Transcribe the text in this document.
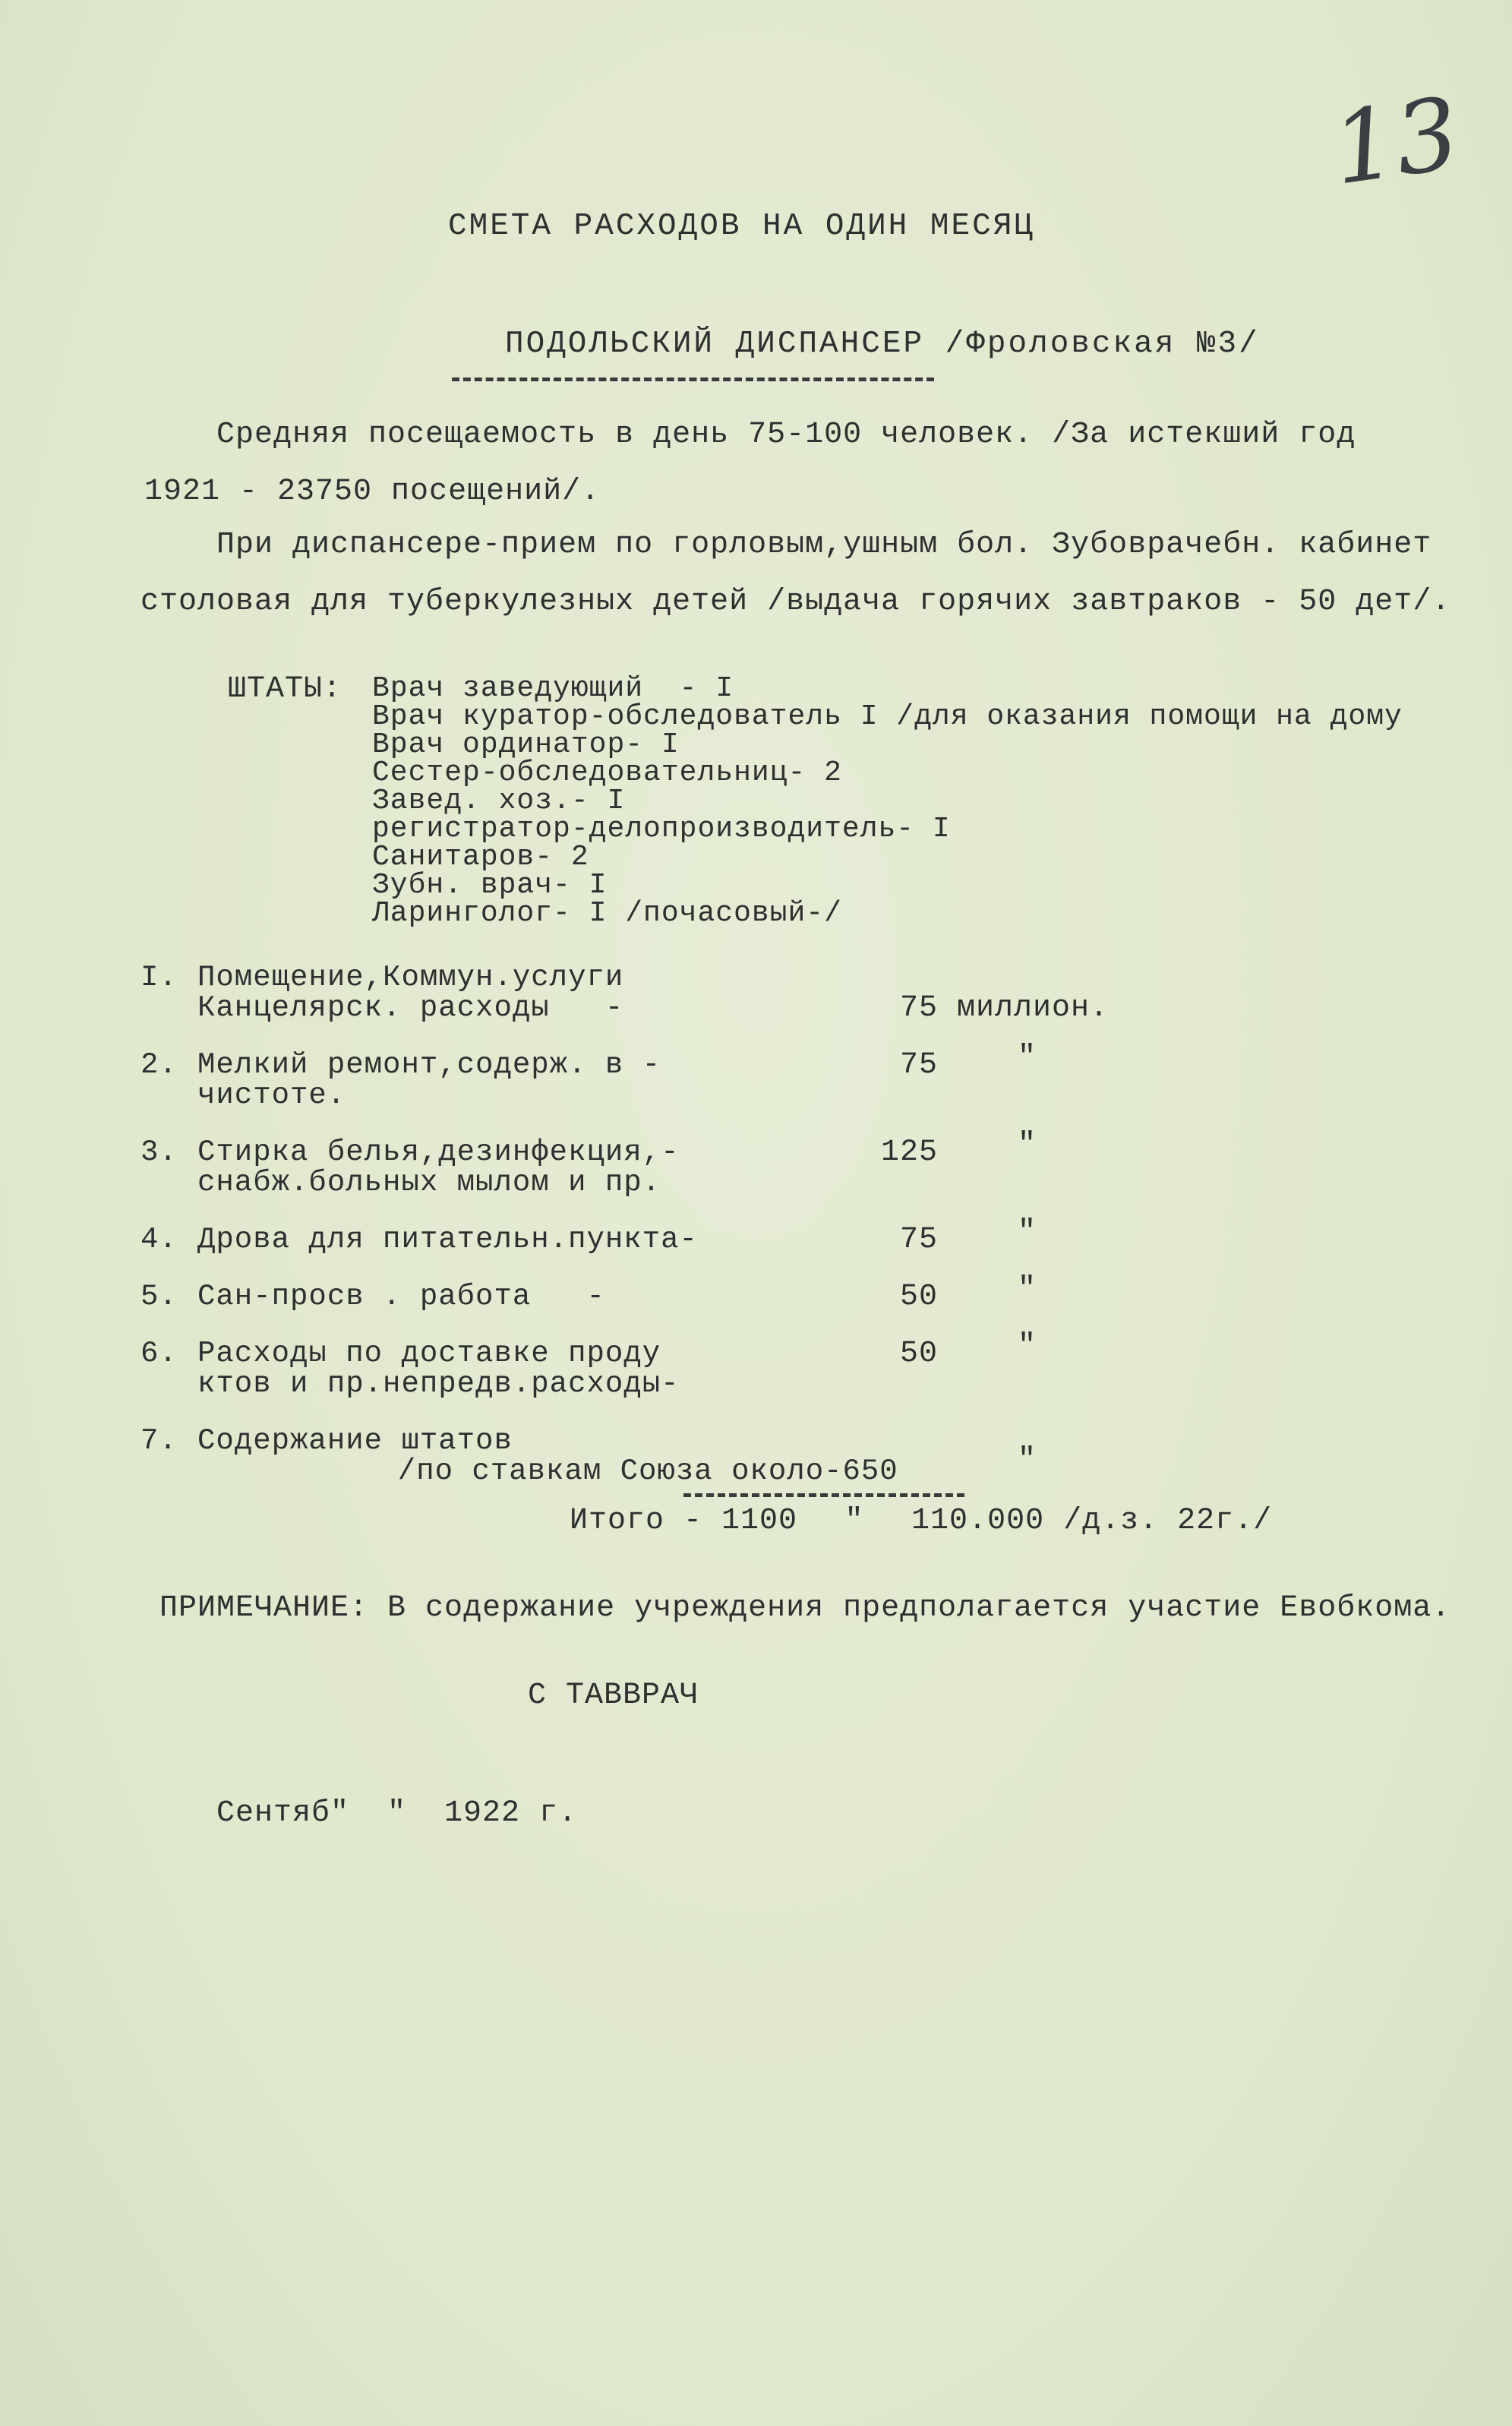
13
СМЕТА РАСХОДОВ НА ОДИН МЕСЯЦ
ПОДОЛЬСКИЙ ДИСПАНСЕР /Фроловская №3/
Средняя посещаемость в день 75-100 человек. /За истекший год
1921 - 23750 посещений/.
При диспансере-прием по горловым,ушным бол. Зубоврачебн. кабинет
столовая для туберкулезных детей /выдача горячих завтраков - 50 дет/.
ШТАТЫ: Врач заведующий  - I
Врач куратор-обследователь I /для оказания помощи на дому
Врач ординатор- I
Сестер-обследовательниц- 2
Завед. хоз.- I
регистратор-делопроизводитель- I
Санитаров- 2
Зубн. врач- I
Ларинголог- I /почасовый-/
I. Помещение,Коммун.услуги
Канцелярск. расходы   -	75 миллион.
2. Мелкий ремонт,содерж. в -
чистоте.
75	"
3. Стирка белья,дезинфекция,-
снабж.больных мылом и пр.
125	"
4. Дрова для питательн.пункта-	75	"
5. Сан-просв . работа   -	50	"
6. Расходы по доставке проду
ктов и пр.непредв.расходы-
50	"
7. Содержание штатов
/по ставкам Союза около-650	"
Итого - 1100 " 110.000 /д.з. 22г./
ПРИМЕЧАНИЕ: В содержание учреждения предполагается участие Евобкома.
С ТАВВРАЧ
Сентяб"  "  1922 г.
